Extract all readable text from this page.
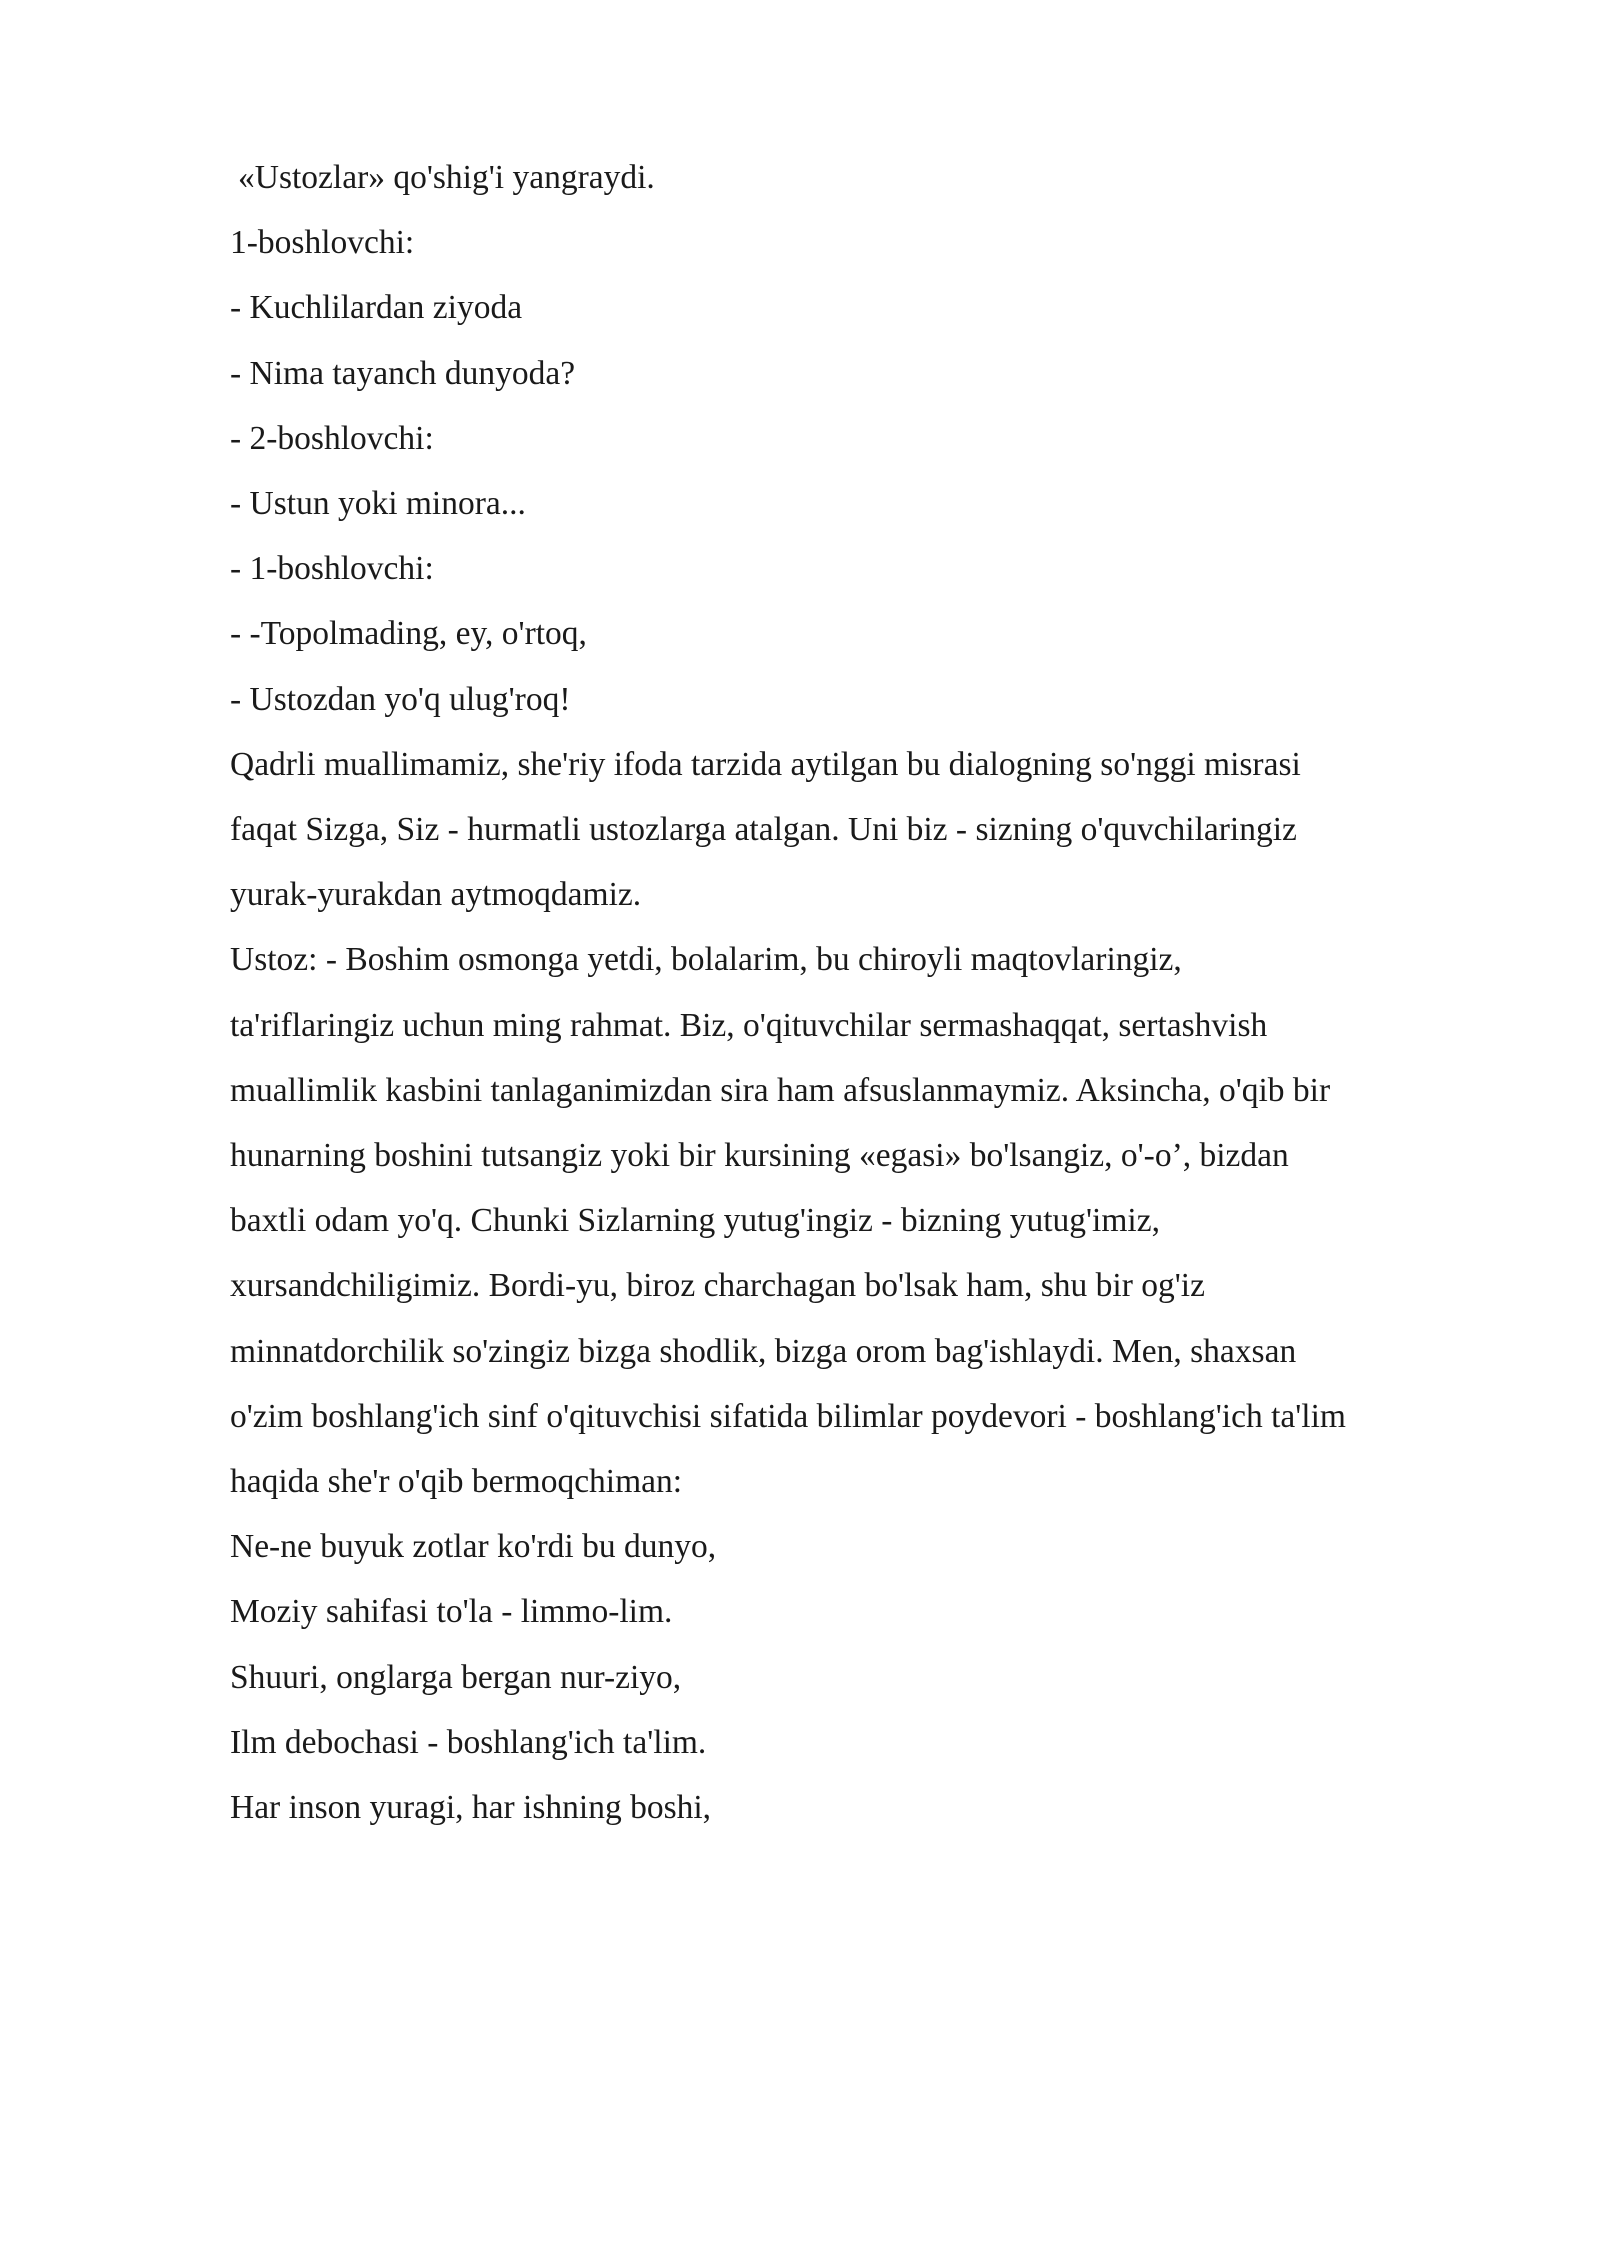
«Ustozlar» qo'shig'i yangraydi.
1-boshlovchi:
- Kuchlilardan ziyoda
- Nima tayanch dunyoda?
- 2-boshlovchi:
- Ustun yoki minora...
- 1-boshlovchi:
- -Topolmading, ey, o'rtoq,
- Ustozdan yo'q ulug'roq!
Qadrli muallimamiz, she'riy ifoda tarzida aytilgan bu dialogning so'nggi misrasi
faqat Sizga, Siz - hurmatli ustozlarga atalgan. Uni biz - sizning o'quvchilaringiz
yurak-yurakdan aytmoqdamiz.
Ustoz: - Boshim osmonga yetdi, bolalarim, bu chiroyli maqtovlaringiz,
ta'riflaringiz uchun ming rahmat. Biz, o'qituvchilar sermashaqqat, sertashvish
muallimlik kasbini tanlaganimizdan sira ham afsuslanmaymiz. Aksincha, o'qib bir
hunarning boshini tutsangiz yoki bir kursining «egasi» bo'lsangiz, o'-o’, bizdan
baxtli odam yo'q. Chunki Sizlarning yutug'ingiz - bizning yutug'imiz,
xursandchiligimiz. Bordi-yu, biroz charchagan bo'lsak ham, shu bir og'iz
minnatdorchilik so'zingiz bizga shodlik, bizga orom bag'ishlaydi. Men, shaxsan
o'zim boshlang'ich sinf o'qituvchisi sifatida bilimlar poydevori - boshlang'ich ta'lim
haqida she'r o'qib bermoqchiman:
Ne-ne buyuk zotlar ko'rdi bu dunyo,
Moziy sahifasi to'la - limmo-lim.
Shuuri, onglarga bergan nur-ziyo,
Ilm debochasi - boshlang'ich ta'lim.
Har inson yuragi, har ishning boshi,
